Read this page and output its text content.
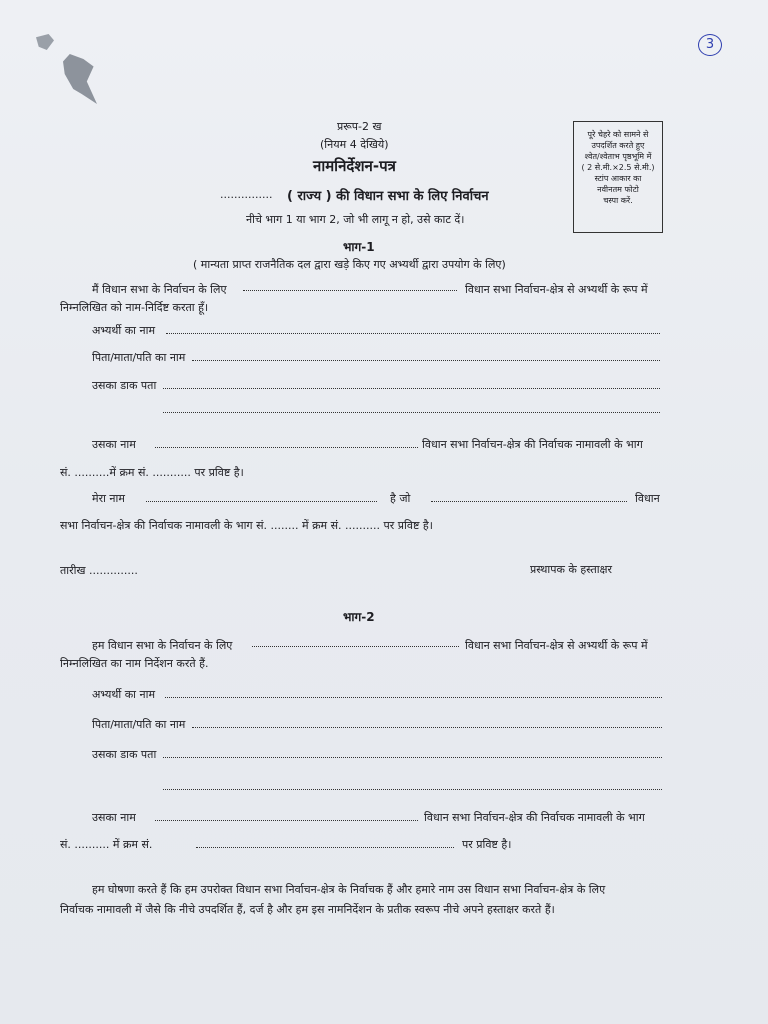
3
प्ररूप-2 ख
(नियम 4 देखिये)
नामनिर्देशन-पत्र
............... ( राज्य ) की विधान सभा के लिए निर्वाचन
नीचे भाग 1 या भाग 2, जो भी लागू न हो, उसे काट दें।
पूरे चेहरे को सामने से
उपदर्शित करते हुए
श्वेत/श्वेताभ पृष्ठभूमि में
( 2 से.मी.×2.5 से.मी.)
स्टांप आकार का
नवीनतम फोटो
चस्पा करें.
भाग-1
( मान्यता प्राप्त राजनैतिक दल द्वारा खड़े किए गए अभ्यर्थी द्वारा उपयोग के लिए)
मैं विधान सभा के निर्वाचन के लिए	विधान सभा निर्वाचन-क्षेत्र से अभ्यर्थी के रूप में
निम्नलिखित को नाम-निर्दिष्ट करता हूँ।
अभ्यर्थी का नाम
पिता/माता/पति का नाम
उसका डाक पता
उसका नाम	विधान सभा निर्वाचन-क्षेत्र की निर्वाचक नामावली के भाग
सं. ..........में क्रम सं. ........... पर प्रविष्ट है।
मेरा नाम	है जो	विधान
सभा निर्वाचन-क्षेत्र की निर्वाचक नामावली के भाग सं. ........ में क्रम सं. .......... पर प्रविष्ट है।
तारीख ..............	प्रस्थापक के हस्ताक्षर
भाग-2
हम विधान सभा के निर्वाचन के लिए	विधान सभा निर्वाचन-क्षेत्र से अभ्यर्थी के रूप में
निम्नलिखित का नाम निर्देशन करते हैं.
अभ्यर्थी का नाम
पिता/माता/पति का नाम
उसका डाक पता
उसका नाम	विधान सभा निर्वाचन-क्षेत्र की निर्वाचक नामावली के भाग
सं. .......... में क्रम सं.	पर प्रविष्ट है।
हम घोषणा करते हैं कि हम उपरोक्त विधान सभा निर्वाचन-क्षेत्र के निर्वाचक हैं और हमारे नाम उस विधान सभा निर्वाचन-क्षेत्र के लिए
निर्वाचक नामावली में जैसे कि नीचे उपदर्शित हैं, दर्ज है और हम इस नामनिर्देशन के प्रतीक स्वरूप नीचे अपने हस्ताक्षर करते हैं।
